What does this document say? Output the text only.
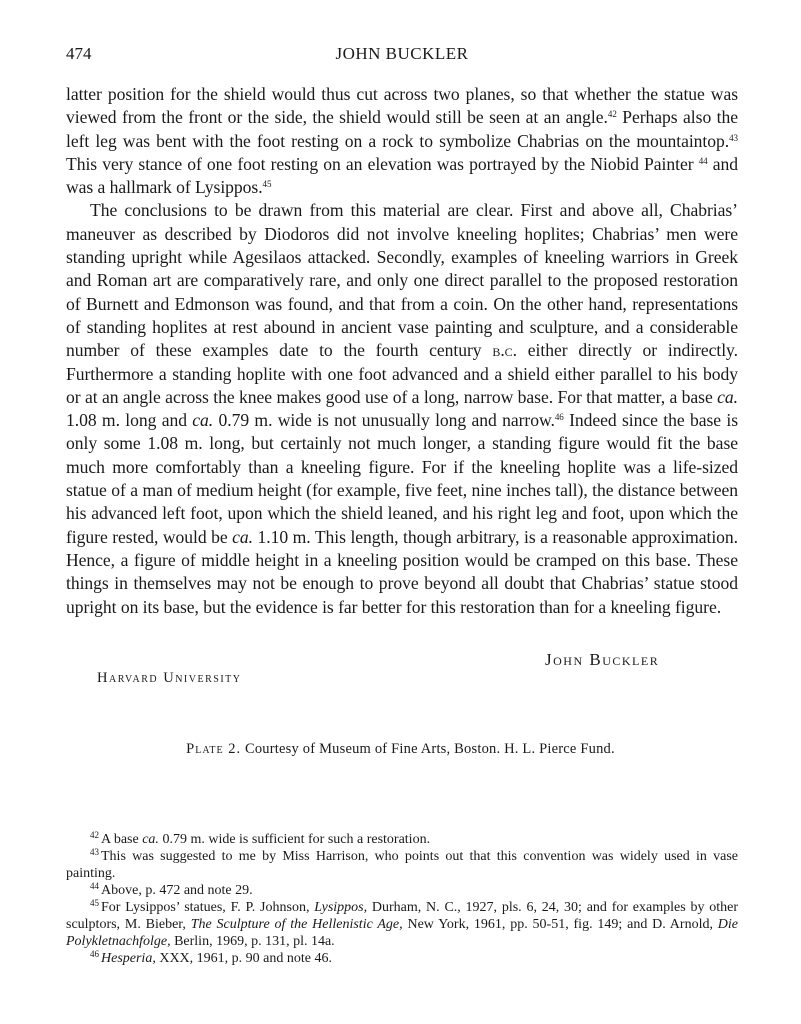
474	JOHN BUCKLER

latter position for the shield would thus cut across two planes, so that whether the statue was viewed from the front or the side, the shield would still be seen at an angle.$^{42}$ Perhaps also the left leg was bent with the foot resting on a rock to symbolize Chabrias on the mountaintop.$^{43}$ This very stance of one foot resting on an elevation was portrayed by the Niobid Painter $^{44}$ and was a hallmark of Lysippos.$^{45}$

The conclusions to be drawn from this material are clear. First and above all, Chabrias’ maneuver as described by Diodoros did not involve kneeling hoplites; Chabrias’ men were standing upright while Agesilaos attacked. Secondly, examples of kneeling warriors in Greek and Roman art are comparatively rare, and only one direct parallel to the proposed restoration of Burnett and Edmonson was found, and that from a coin. On the other hand, representations of standing hoplites at rest abound in ancient vase painting and sculpture, and a considerable number of these examples date to the fourth century b.c. either directly or indirectly. Furthermore a standing hoplite with one foot advanced and a shield either parallel to his body or at an angle across the knee makes good use of a long, narrow base. For that matter, a base ca. 1.08 m. long and ca. 0.79 m. wide is not unusually long and narrow.$^{46}$ Indeed since the base is only some 1.08 m. long, but certainly not much longer, a standing figure would fit the base much more comfortably than a kneeling figure. For if the kneeling hoplite was a life-sized statue of a man of medium height (for example, five feet, nine inches tall), the distance between his advanced left foot, upon which the shield leaned, and his right leg and foot, upon which the figure rested, would be ca. 1.10 m. This length, though arbitrary, is a reasonable approximation. Hence, a figure of middle height in a kneeling position would be cramped on this base. These things in themselves may not be enough to prove beyond all doubt that Chabrias’ statue stood upright on its base, but the evidence is far better for this restoration than for a kneeling figure.

John Buckler
Harvard University
Plate 2. Courtesy of Museum of Fine Arts, Boston. H. L. Pierce Fund.

$^{42}$ A base ca. 0.79 m. wide is sufficient for such a restoration.

$^{43}$ This was suggested to me by Miss Harrison, who points out that this convention was widely used in vase painting.

$^{44}$ Above, p. 472 and note 29.

$^{45}$ For Lysippos’ statues, F. P. Johnson, Lysippos, Durham, N. C., 1927, pls. 6, 24, 30; and for examples by other sculptors, M. Bieber, The Sculpture of the Hellenistic Age, New York, 1961, pp. 50-51, fig. 149; and D. Arnold, Die Polykletnachfolge, Berlin, 1969, p. 131, pl. 14a.

$^{46}$ Hesperia, XXX, 1961, p. 90 and note 46.
